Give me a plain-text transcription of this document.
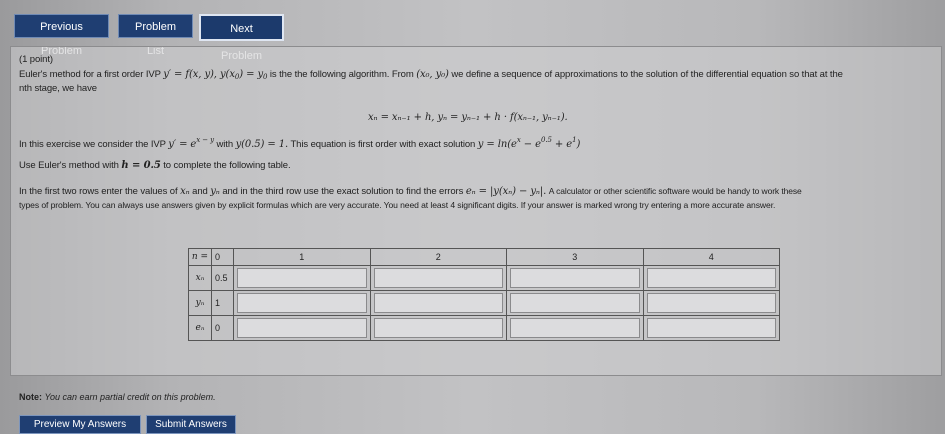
Previous	Problem	Next
(1 point)
Euler's method for a first order IVP y′ = f(x, y), $y(x_0) = y_0$ is the the following algorithm. From (x₀, y₀) we define a sequence of approximations to the solution of the differential equation so that at the
nth stage, we have
xₙ = xₙ₋₁ + h, yₙ = yₙ₋₁ + h · f(xₙ₋₁, yₙ₋₁).
In this exercise we consider the IVP $y' = e^{x - y}$ with y(0.5) = 1. This equation is first order with exact solution $y = \ln(e^x - e^{0.5} + e^1)$
Use Euler's method with h = 0.5 to complete the following table.
In the first two rows enter the values of xₙ and yₙ and in the third row use the exact solution to find the errors eₙ = |y(xₙ) − yₙ|. A calculator or other scientific software would be handy to work these
types of problem. You can always use answers given by explicit formulas which are very accurate. You need at least 4 significant digits. If your answer is marked wrong try entering a more accurate answer.
n =	0	1	2	3	4
xₙ	0.5	

yₙ	1	

eₙ	0	

Note: You can earn partial credit on this problem.
Preview My Answers	Submit Answers
